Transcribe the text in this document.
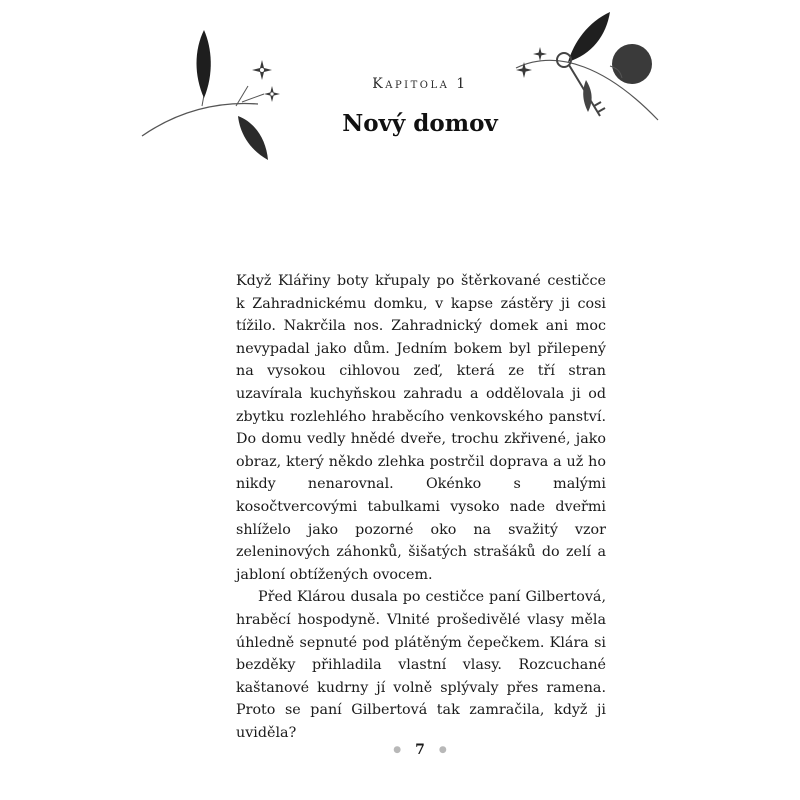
Kapitola 1
Nový domov

Když Klářiny boty křupaly po štěrkované cestičce k Zahradnickému domku, v kapse zástěry ji cosi tížilo. Nakrčila nos. Zahradnický domek ani moc nevypadal jako dům. Jedním bokem byl přilepený na vysokou cihlovou zeď, která ze tří stran uzavírala kuchyňskou zahradu a oddělovala ji od zbytku rozlehlého hraběcího venkovského panství. Do domu vedly hnědé dveře, trochu zkřivené, jako obraz, který někdo zlehka postrčil doprava a už ho nikdy nenarovnal. Okénko s malými kosočtvercovými tabulkami vysoko nade dveřmi shlíželo jako pozorné oko na svažitý vzor zeleninových záhonků, šišatých strašáků do zelí a jabloní obtížených ovocem.

Před Klárou dusala po cestičce paní Gilbertová, hraběcí hospodyně. Vlnité prošedivělé vlasy měla úhledně sepnuté pod plátěným čepečkem. Klára si bezděky přihladila vlastní vlasy. Rozcuchané kaštanové kudrny jí volně splývaly přes ramena. Proto se paní Gilbertová tak zamračila, když ji uviděla?

● 7 ●
